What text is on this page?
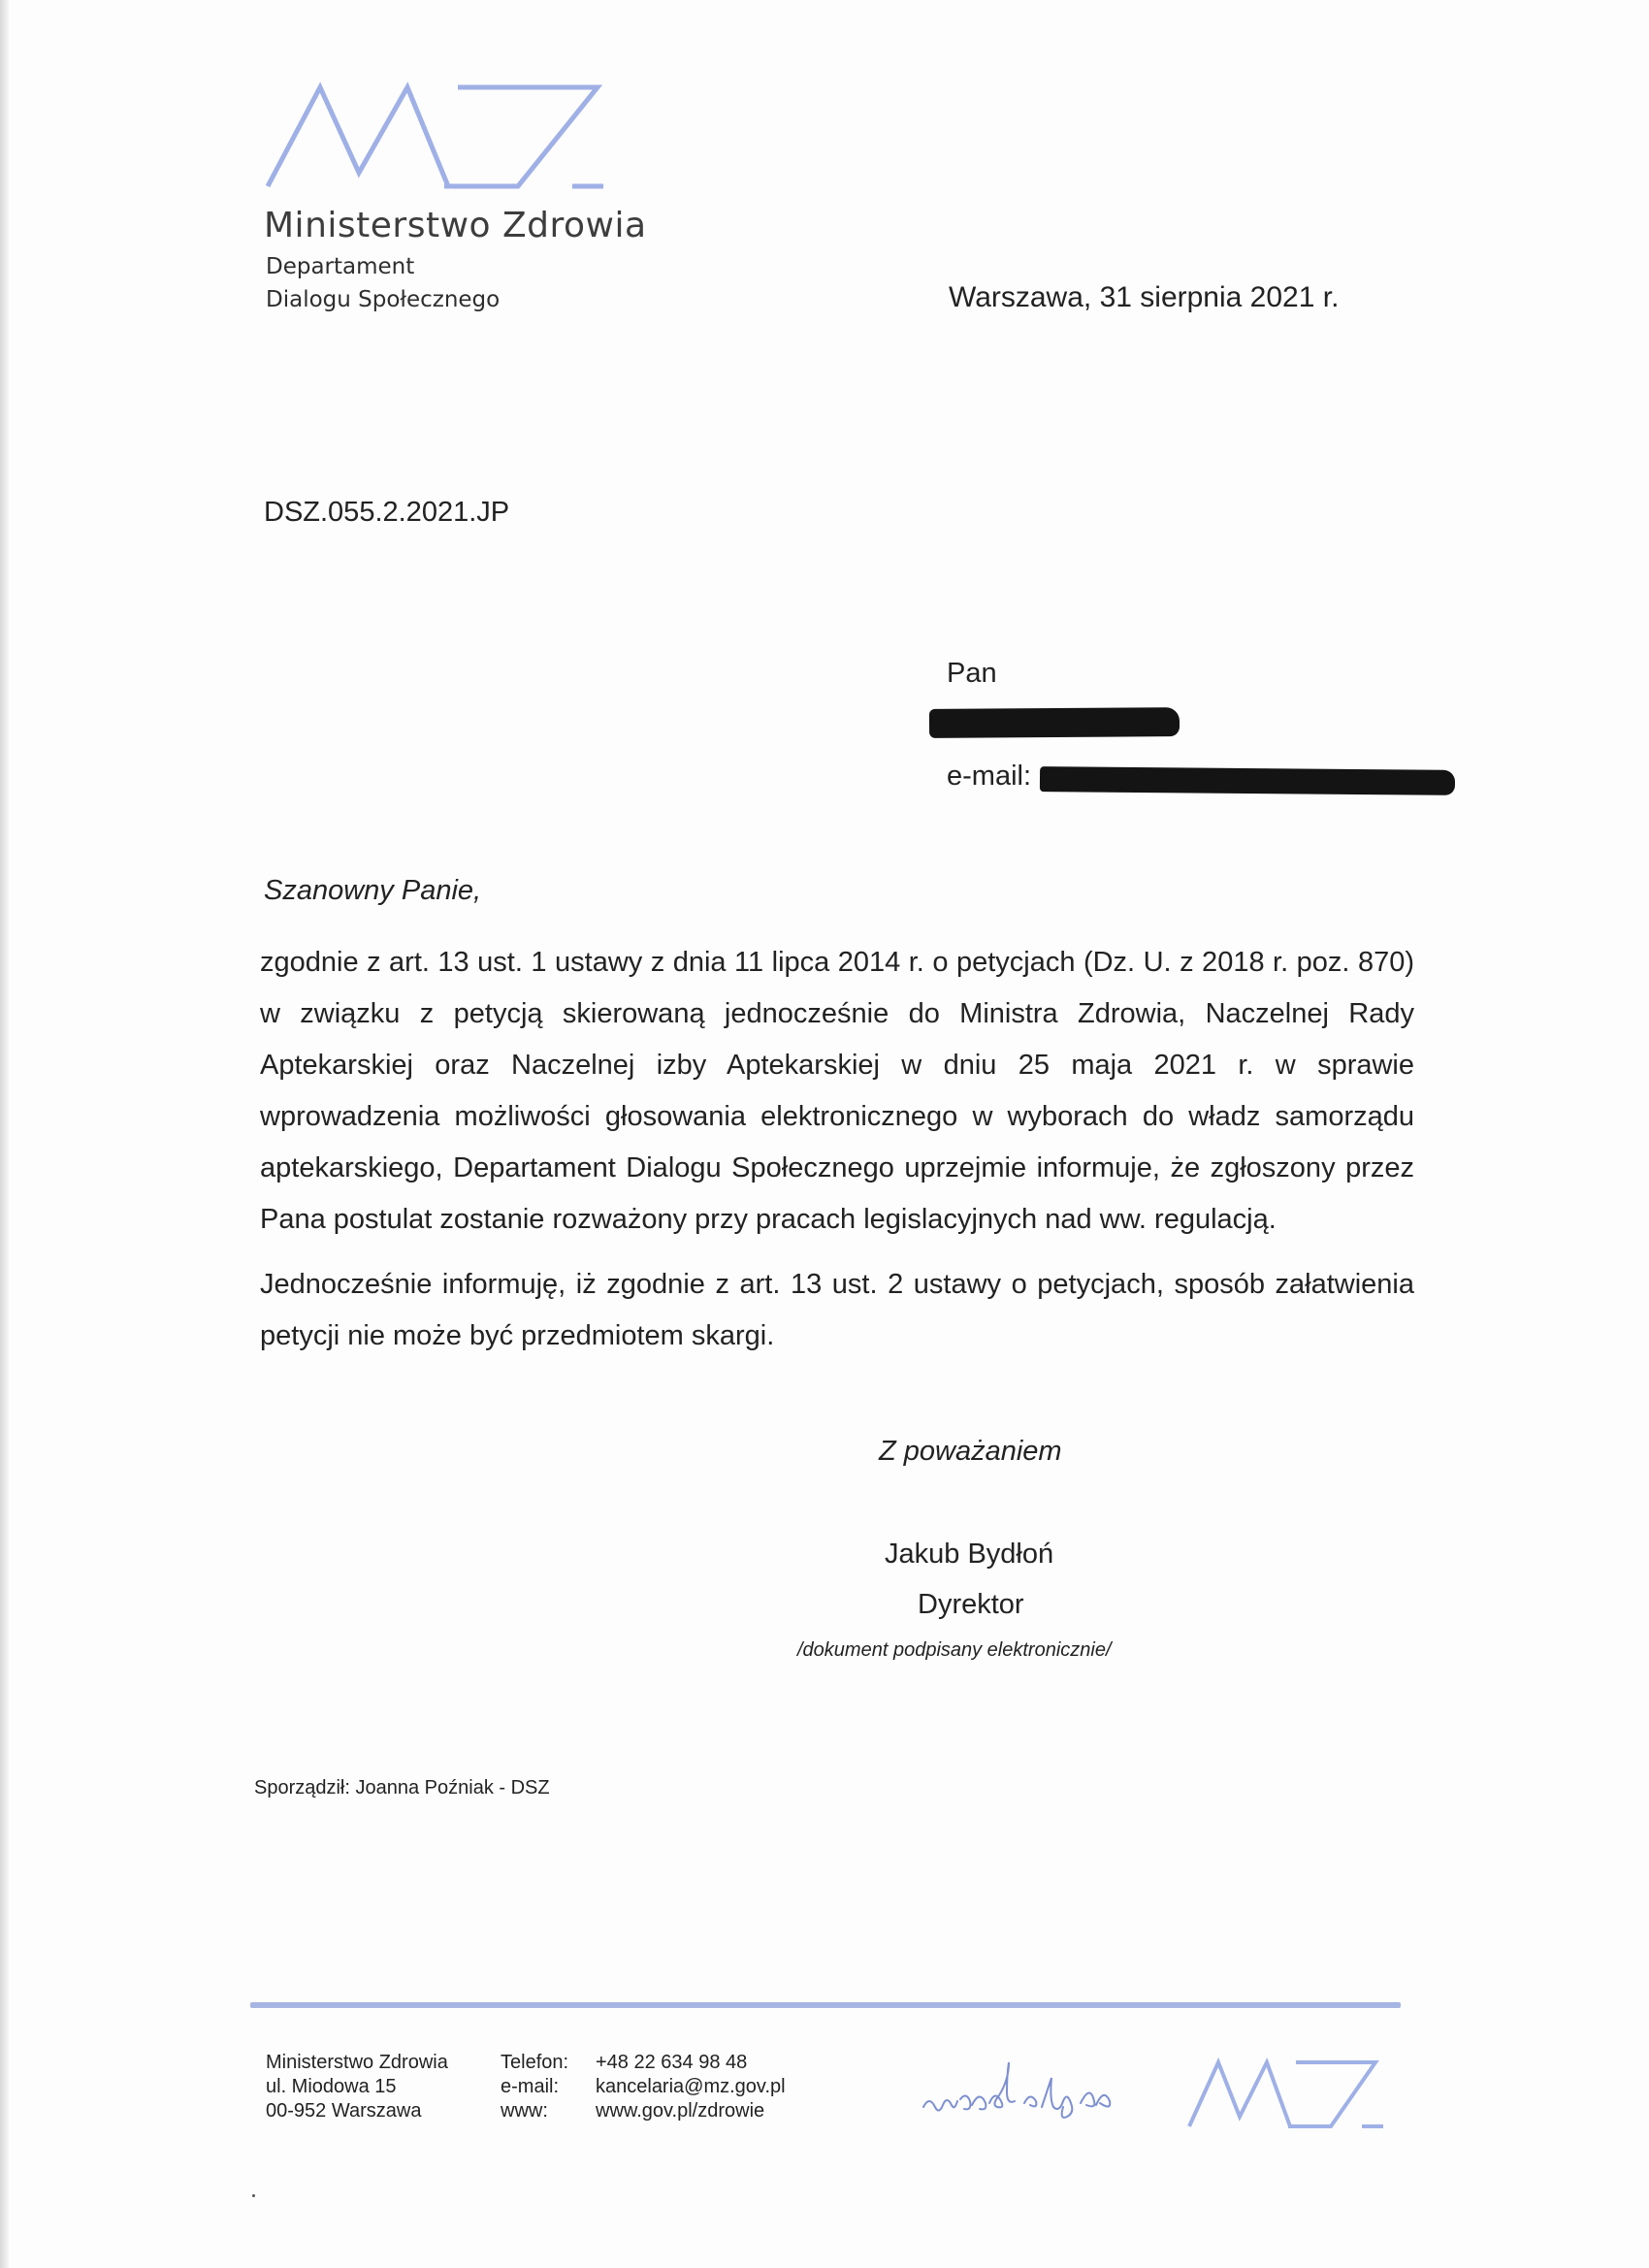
Ministerstwo Zdrowia
Departament
Dialogu Społecznego	Warszawa, 31 sierpnia 2021 r.
DSZ.055.2.2021.JP
Pan
e-mail:
Szanowny Panie,
zgodnie z art. 13 ust. 1 ustawy z dnia 11 lipca 2014 r. o petycjach (Dz. U. z 2018 r. poz. 870) w związku z petycją skierowaną jednocześnie do Ministra Zdrowia, Naczelnej Rady Aptekarskiej oraz Naczelnej izby Aptekarskiej w dniu 25 maja 2021 r. w sprawie wprowadzenia możliwości głosowania elektronicznego w wyborach do władz samorządu aptekarskiego, Departament Dialogu Społecznego uprzejmie informuje, że zgłoszony przez Pana postulat zostanie rozważony przy pracach legislacyjnych nad ww. regulacją.
Jednocześnie informuję, iż zgodnie z art. 13 ust. 2 ustawy o petycjach, sposób załatwienia petycji nie może być przedmiotem skargi.
Z poważaniem
Jakub Bydłoń
Dyrektor
/dokument podpisany elektronicznie/
Sporządził: Joanna Poźniak - DSZ
Ministerstwo Zdrowia
ul. Miodowa 15
00-952 Warszawa
Telefon:
e-mail:
www:
+48 22 634 98 48
kancelaria@mz.gov.pl
www.gov.pl/zdrowie
